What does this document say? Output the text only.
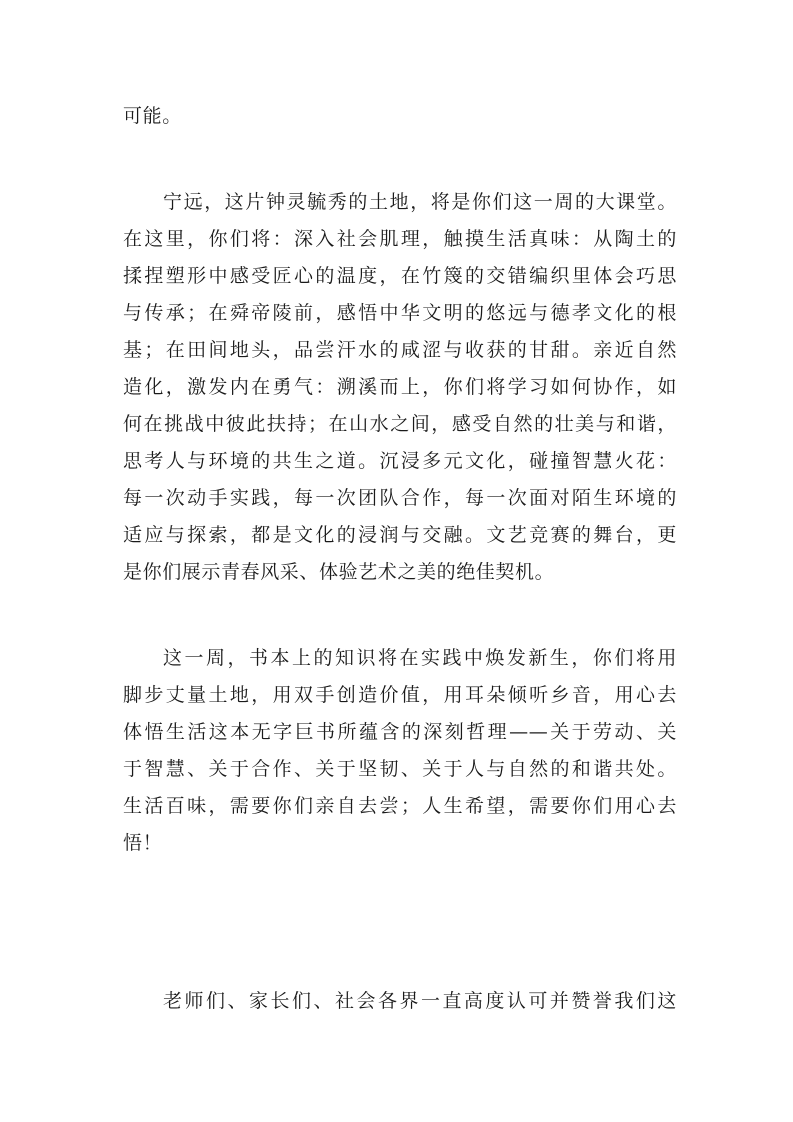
可能。

宁远，这片钟灵毓秀的土地，将是你们这一周的大课堂。
在这里，你们将：深入社会肌理，触摸生活真味：从陶土的
揉捏塑形中感受匠心的温度，在竹篾的交错编织里体会巧思
与传承；在舜帝陵前，感悟中华文明的悠远与德孝文化的根
基；在田间地头，品尝汗水的咸涩与收获的甘甜。亲近自然
造化，激发内在勇气：溯溪而上，你们将学习如何协作，如
何在挑战中彼此扶持；在山水之间，感受自然的壮美与和谐，
思考人与环境的共生之道。沉浸多元文化，碰撞智慧火花：
每一次动手实践，每一次团队合作，每一次面对陌生环境的
适应与探索，都是文化的浸润与交融。文艺竞赛的舞台，更
是你们展示青春风采、体验艺术之美的绝佳契机。

这一周，书本上的知识将在实践中焕发新生，你们将用
脚步丈量土地，用双手创造价值，用耳朵倾听乡音，用心去
体悟生活这本无字巨书所蕴含的深刻哲理——关于劳动、关
于智慧、关于合作、关于坚韧、关于人与自然的和谐共处。
生活百味，需要你们亲自去尝；人生希望，需要你们用心去
悟！

老师们、家长们、社会各界一直高度认可并赞誉我们这
